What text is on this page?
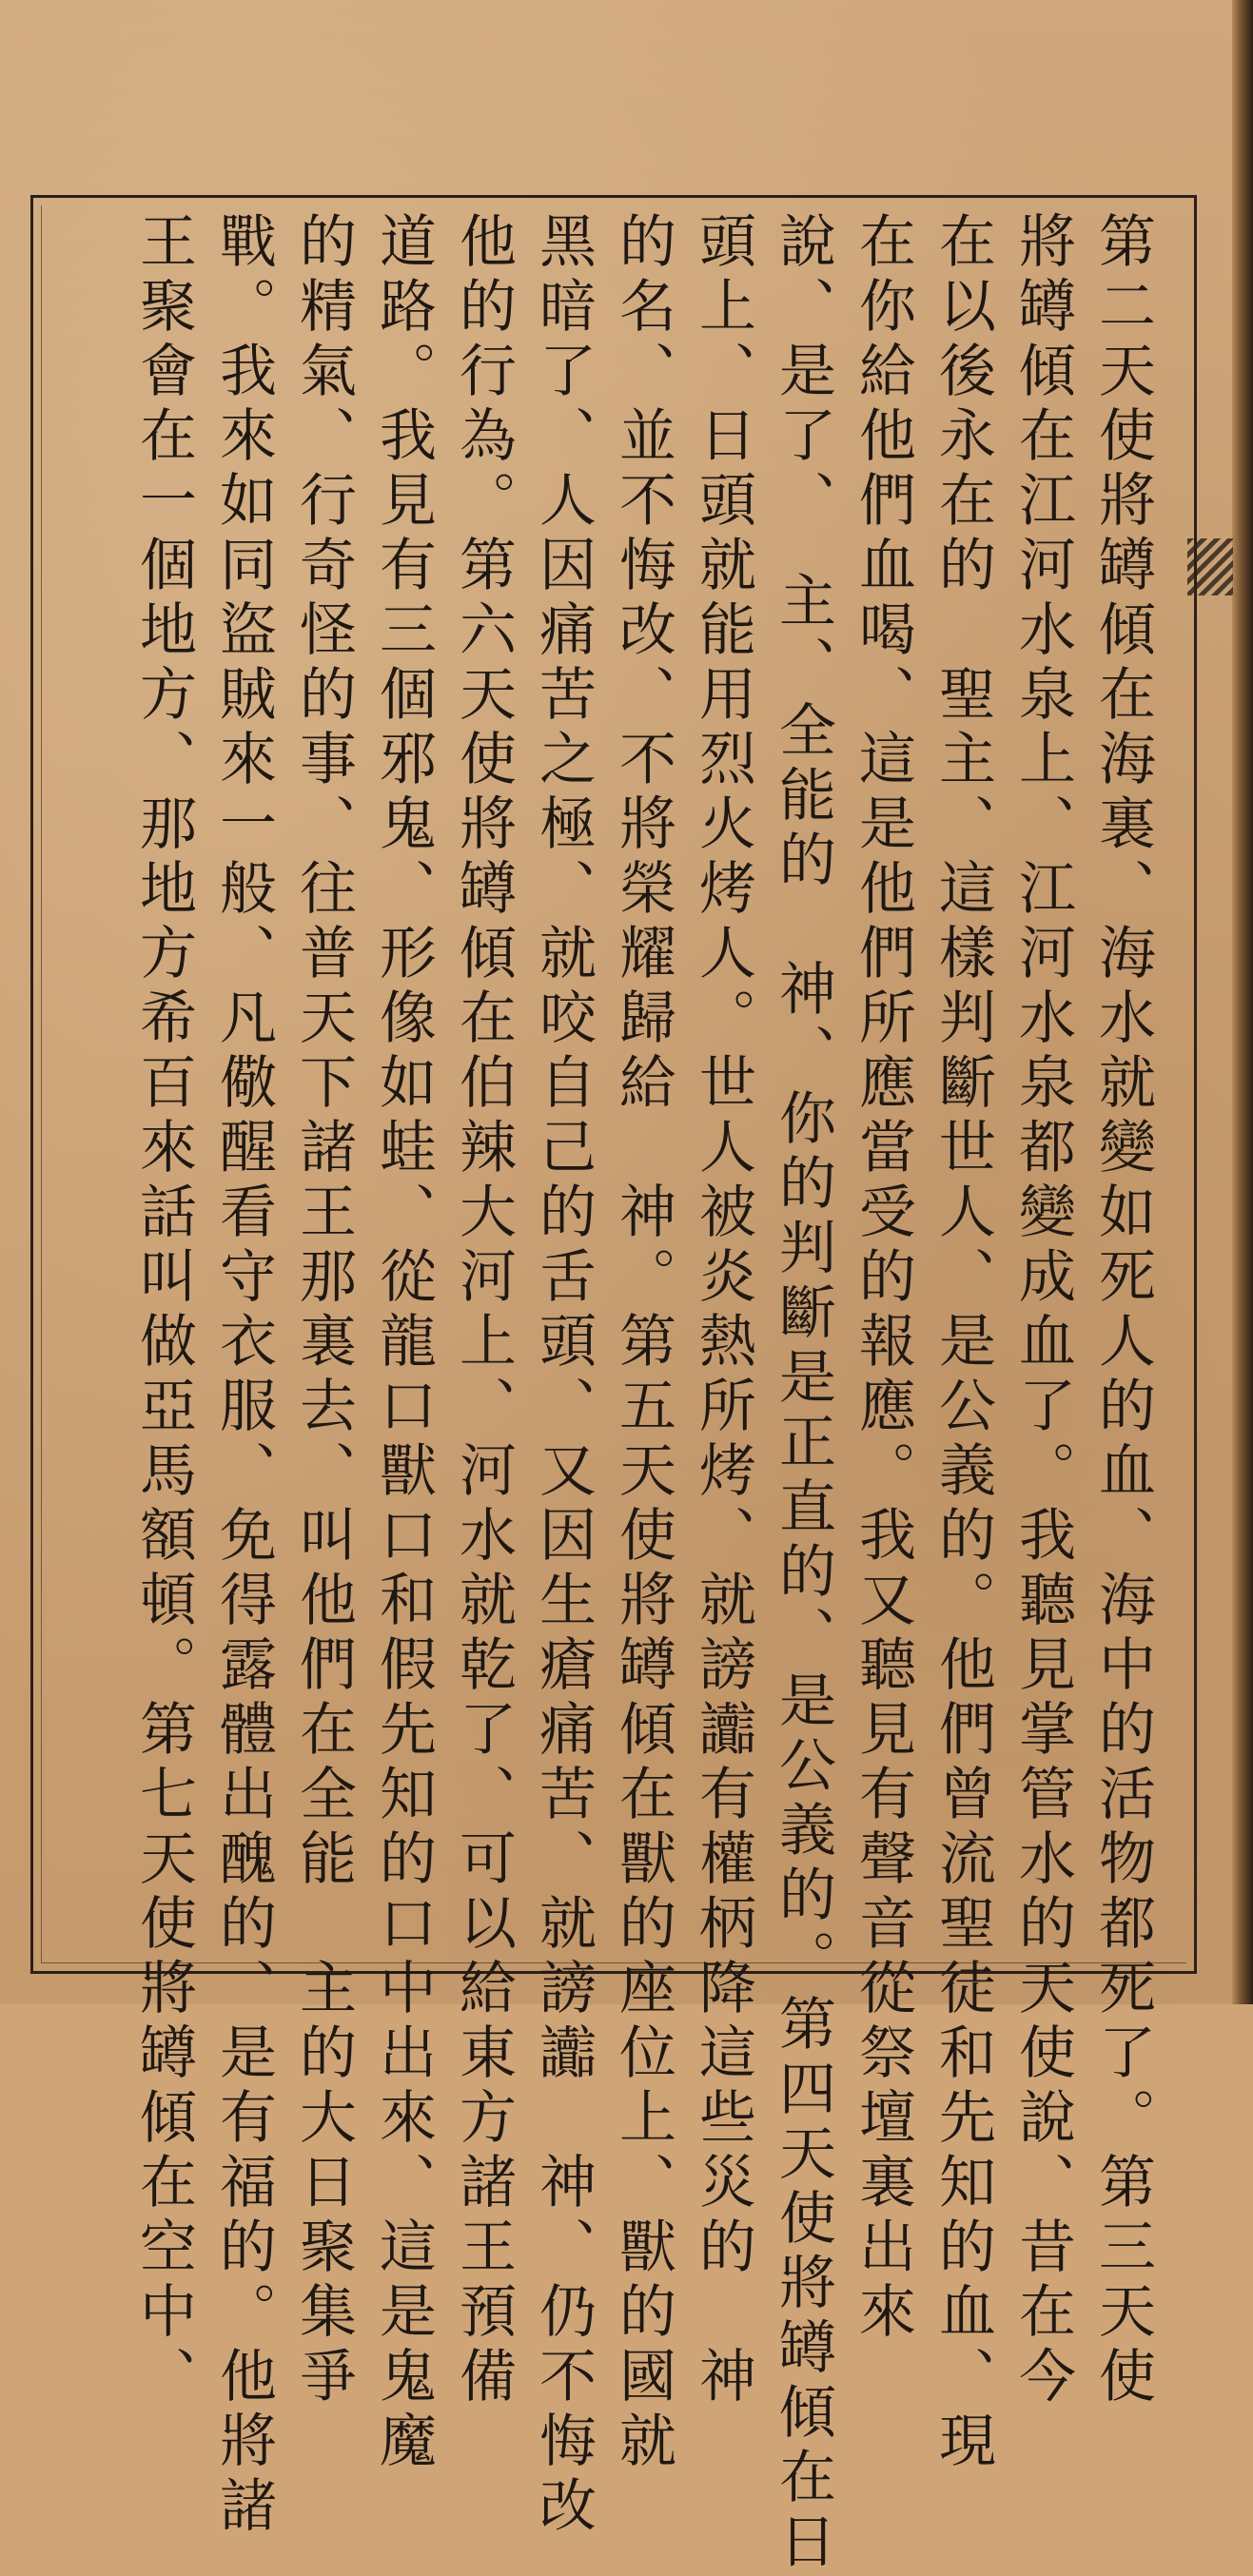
第二天使將罇傾在海裏、海水就變如死人的血、海中的活物都死了。第三天使
將罇傾在江河水泉上、江河水泉都變成血了。我聽見掌管水的天使說、昔在今
在以後永在的　聖主、這樣判斷世人、是公義的。他們曾流聖徒和先知的血、現
在你給他們血喝、這是他們所應當受的報應。我又聽見有聲音從祭壇裏出來
說、是了、　主、全能的　神、你的判斷是正直的、是公義的。第四天使將罇傾在日
頭上、日頭就能用烈火烤人。世人被炎熱所烤、就謗讟有權柄降這些災的　神
的名、並不悔改、不將榮耀歸給　神。第五天使將罇傾在獸的座位上、獸的國就
黑暗了、人因痛苦之極、就咬自己的舌頭、又因生瘡痛苦、就謗讟　神、仍不悔改
他的行為。第六天使將罇傾在伯辣大河上、河水就乾了、可以給東方諸王預備
道路。我見有三個邪鬼、形像如蛙、從龍口獸口和假先知的口中出來、這是鬼魔
的精氣、行奇怪的事、往普天下諸王那裏去、叫他們在全能　主的大日聚集爭
戰。我來如同盜賊來一般、凡儆醒看守衣服、免得露體出醜的、是有福的。他將諸
王聚會在一個地方、那地方希百來話叫做亞馬額頓。第七天使將罇傾在空中、
